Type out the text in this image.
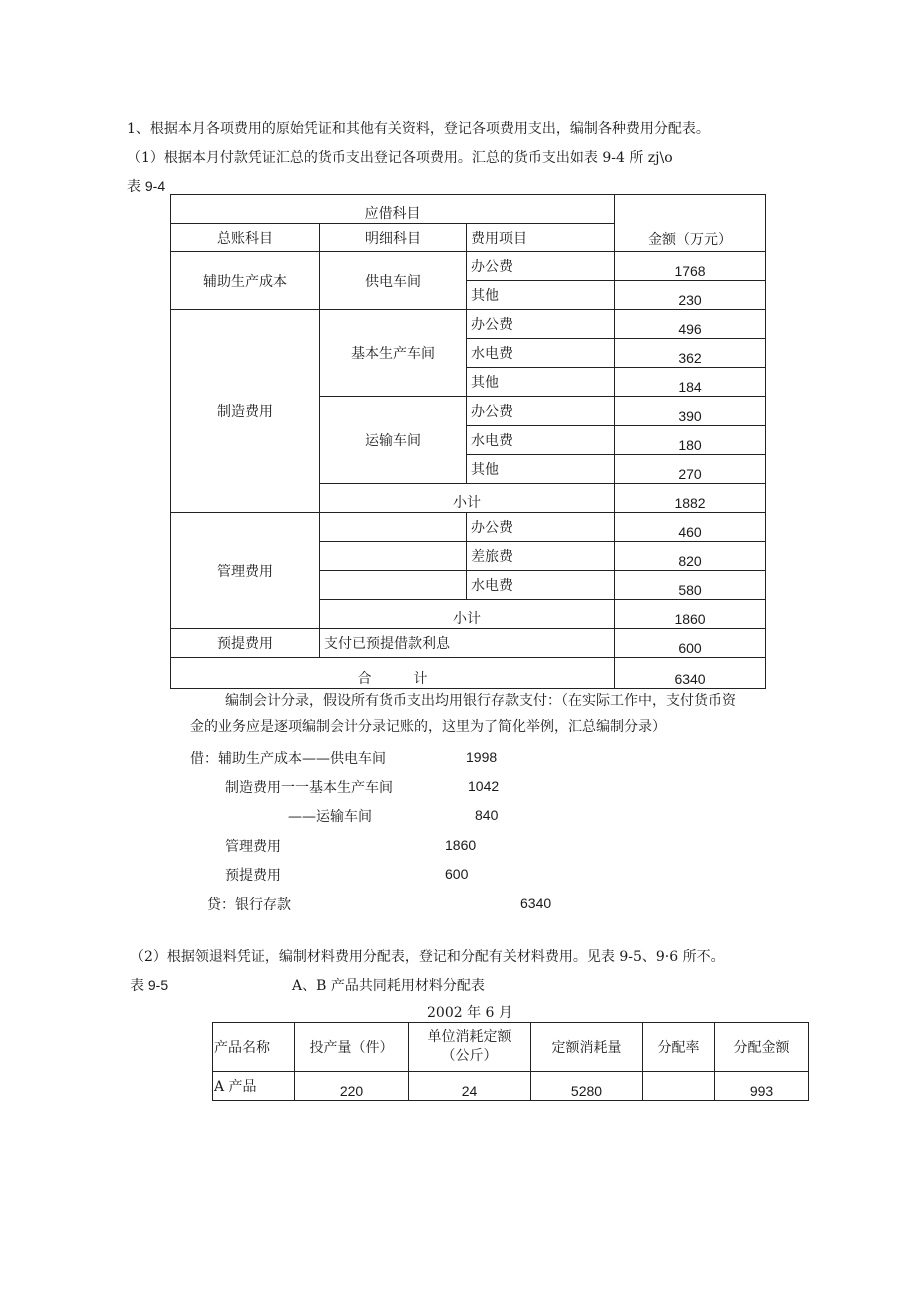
1、根据本月各项费用的原始凭证和其他有关资料，登记各项费用支出，编制各种费用分配表。
（1）根据本月付款凭证汇总的货币支出登记各项费用。汇总的货币支出如表 9-4 所 zj\o
表 9-4
应借科目			金额（万元）
总账科目	明细科目	费用项目	
辅助生产成本	供电车间	办公费	1768
		其他	230
制造费用	基本生产车间	办公费	496
		水电费	362
		其他	184
	运输车间	办公费	390
		水电费	180
		其他	270
	小计		1882
管理费用		办公费	460
		差旅费	820
		水电费	580
	小计		1860
预提费用	支付已预提借款利息		600
合　　　计			6340
编制会计分录，假设所有货币支出均用银行存款支付：（在实际工作中，支付货币资
金的业务应是逐项编制会计分录记账的，这里为了简化举例，汇总编制分录）
借：辅助生产成本——供电车间	1998
制造费用一一基本生产车间	1042
——运输车间	840
管理费用	1860
预提费用	600
贷：银行存款	6340
（2）根据领退料凭证，编制材料费用分配表，登记和分配有关材料费用。见表 9-5、9·6 所不。
表 9-5	A、B 产品共同耗用材料分配表
2002 年 6 月
产品名称	投产量（件）	单位消耗定额
（公斤）	定额消耗量	分配率	分配金额
A 产品	220	24	5280		993
